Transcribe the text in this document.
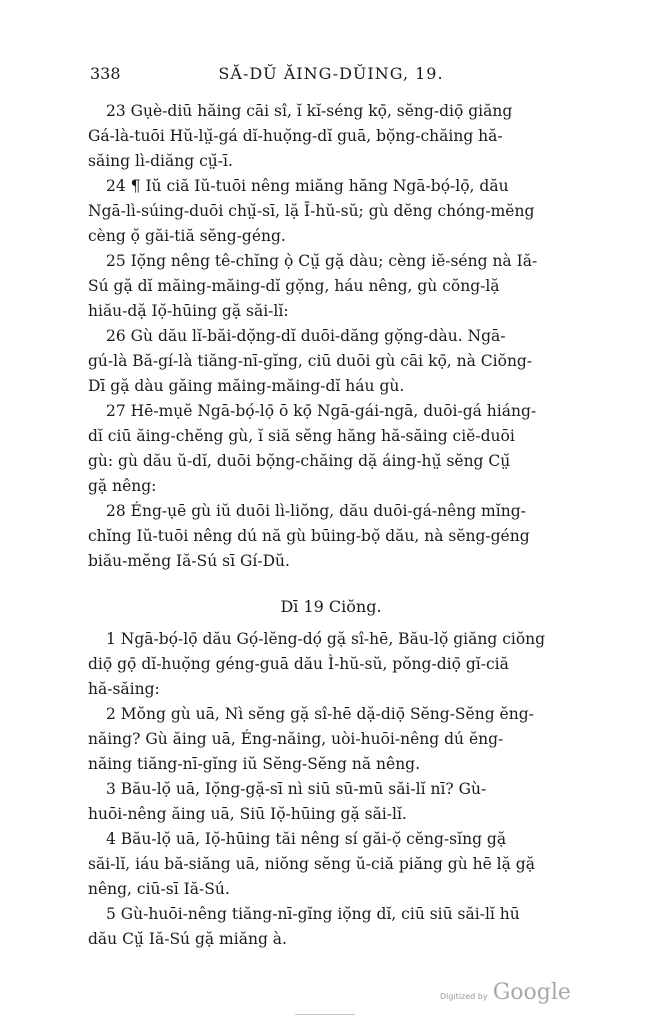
338	SĂ-DŬ ĂING-DŬING, 19.
23 Gụè-diū hăing cāi sî, ĭ kĭ-séng kọ̄, sĕng-diọ̄ giăng
Gá-là-tuōi Hŭ-lṳ̆-gá dĭ-huọ̆ng-dĭ guā, bọ̆ng-chăing hă-
săing lì-diăng cṳ̆-ī.
24 ¶ Iŭ ciă Iŭ-tuōi nêng miăng hăng Ngā-bọ́-lọ̄, dău
Ngā-lì-súing-duōi chṳ̆-sī, lặ Ī-hŭ-sŭ; gù dĕng chóng-mĕng
cèng ọ̆ găi-tiă sĕng-géng.
25 Iọ̆ng nêng tê-chĭng ọ̀ Cṳ̆ gặ dàu; cèng iĕ-séng nà Iă-
Sú gặ dĭ măing-măing-dĭ gọ̆ng, háu nêng, gù cŏng-lặ
hiău-dặ Iọ̆-hūing gặ săi-lĭ:
26 Gù dău lĭ-băi-dọ̆ng-dĭ duōi-dăng gọ̆ng-dàu. Ngā-
gú-là Bă-gí-là tiăng-nī-gĭng, ciū duōi gù cāi kọ̄, nà Ciŏng-
Dī gặ dàu găing măing-măing-dĭ háu gù.
27 Hē-mụĕ Ngā-bọ́-lọ̄ ō kọ̄ Ngā-gái-ngā, duōi-gá hiáng-
dĭ ciū ăing-chĕng gù, ĭ siă sĕng hăng hă-săing ciĕ-duōi
gù: gù dău ŭ-dĭ, duōi bọ̆ng-chăing dặ áing-hṳ̆ sĕng Cṳ̆
gặ nêng:
28 Éng-ụē gù iŭ duōi lì-liŏng, dău duōi-gá-nêng mĭng-
chĭng Iŭ-tuōi nêng dú nă gù būing-bọ̆ dău, nà sĕng-géng
biău-mĕng Iă-Sú sī Gí-Dŭ.
Dī 19 Ciŏng.
1 Ngā-bọ́-lọ̄ dău Gọ́-lĕng-dọ́ gặ sî-hē, Bău-lọ̆ giăng ciŏng
diọ̄ gọ̄ dĭ-huọ̆ng géng-guā dău Ì-hŭ-sŭ, pŏng-diọ̄ gĭ-ciă
hă-săing:
2 Mŏng gù uā, Nì sĕng gặ sî-hē dặ-diọ̄ Sĕng-Sĕng ĕng-
năing? Gù ăing uā, Éng-năing, uòi-huōi-nêng dú ĕng-
năing tiăng-nī-gĭng iŭ Sĕng-Sĕng nă nêng.
3 Bău-lọ̆ uā, Iọ̆ng-gặ-sī nì siū sū-mū săi-lĭ nī? Gù-
huōi-nêng ăing uā, Siū Iọ̆-hūing gặ săi-lĭ.
4 Bău-lọ̆ uā, Iọ̆-hūing tăi nêng sí găi-ọ̆ cĕng-sĭng gặ
săi-lĭ, iáu bă-siăng uā, niŏng sĕng ŭ-ciă piăng gù hē lặ gặ
nêng, ciū-sī Iă-Sú.
5 Gù-huōi-nêng tiăng-nī-gĭng iọ̆ng dĭ, ciū siū săi-lĭ hū
dău Cṳ̆ Iă-Sú gặ miăng à.
Digitized by Google
